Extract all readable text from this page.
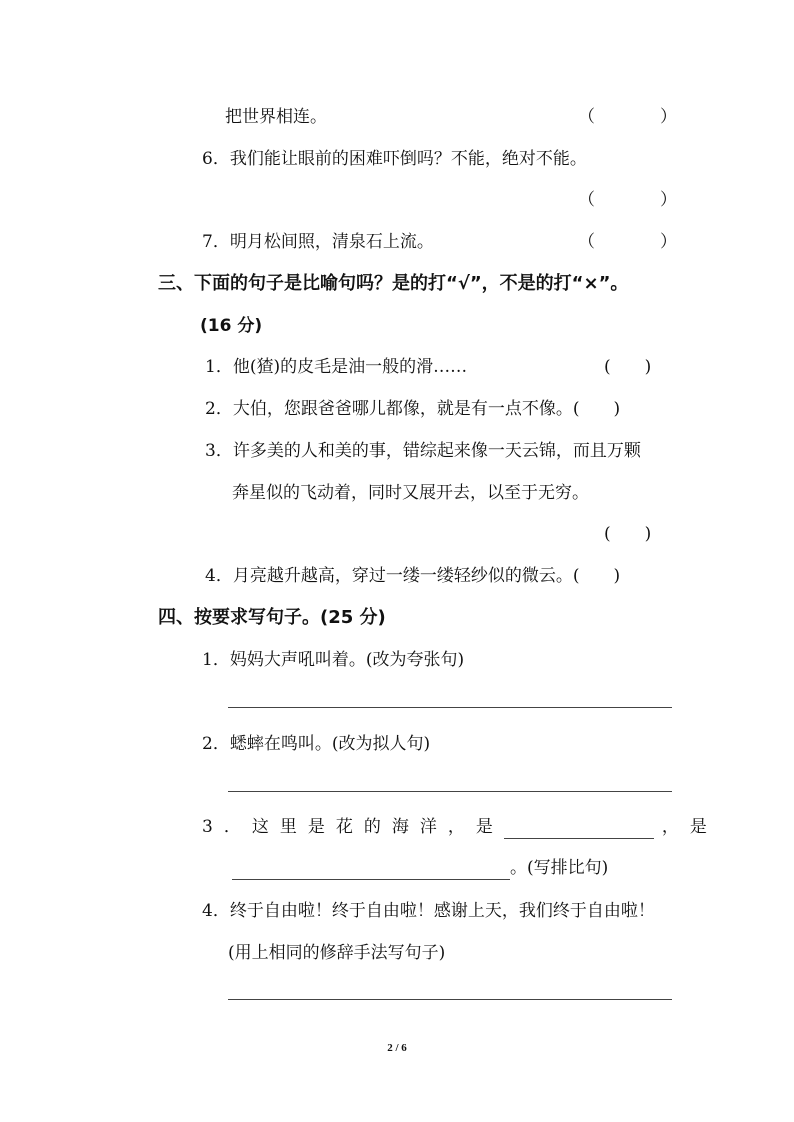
把世界相连。	（	）
6．我们能让眼前的困难吓倒吗？不能，绝对不能。
（	）
7．明月松间照，清泉石上流。	（	）
三、下面的句子是比喻句吗？是的打“√”，不是的打“×”。
(16 分)
1．他(猹)的皮毛是油一般的滑……	(　　)
2．大伯，您跟爸爸哪儿都像，就是有一点不像。(　　)
3．许多美的人和美的事，错综起来像一天云锦，而且万颗
奔星似的飞动着，同时又展开去，以至于无穷。
(　　)
4．月亮越升越高，穿过一缕一缕轻纱似的微云。(　　)
四、按要求写句子。(25 分)
1．妈妈大声吼叫着。(改为夸张句)
2．蟋蟀在鸣叫。(改为拟人句)
3．这里是花的海洋，是	，是
。(写排比句)
4．终于自由啦！终于自由啦！感谢上天，我们终于自由啦！
(用上相同的修辞手法写句子)
2 / 6
